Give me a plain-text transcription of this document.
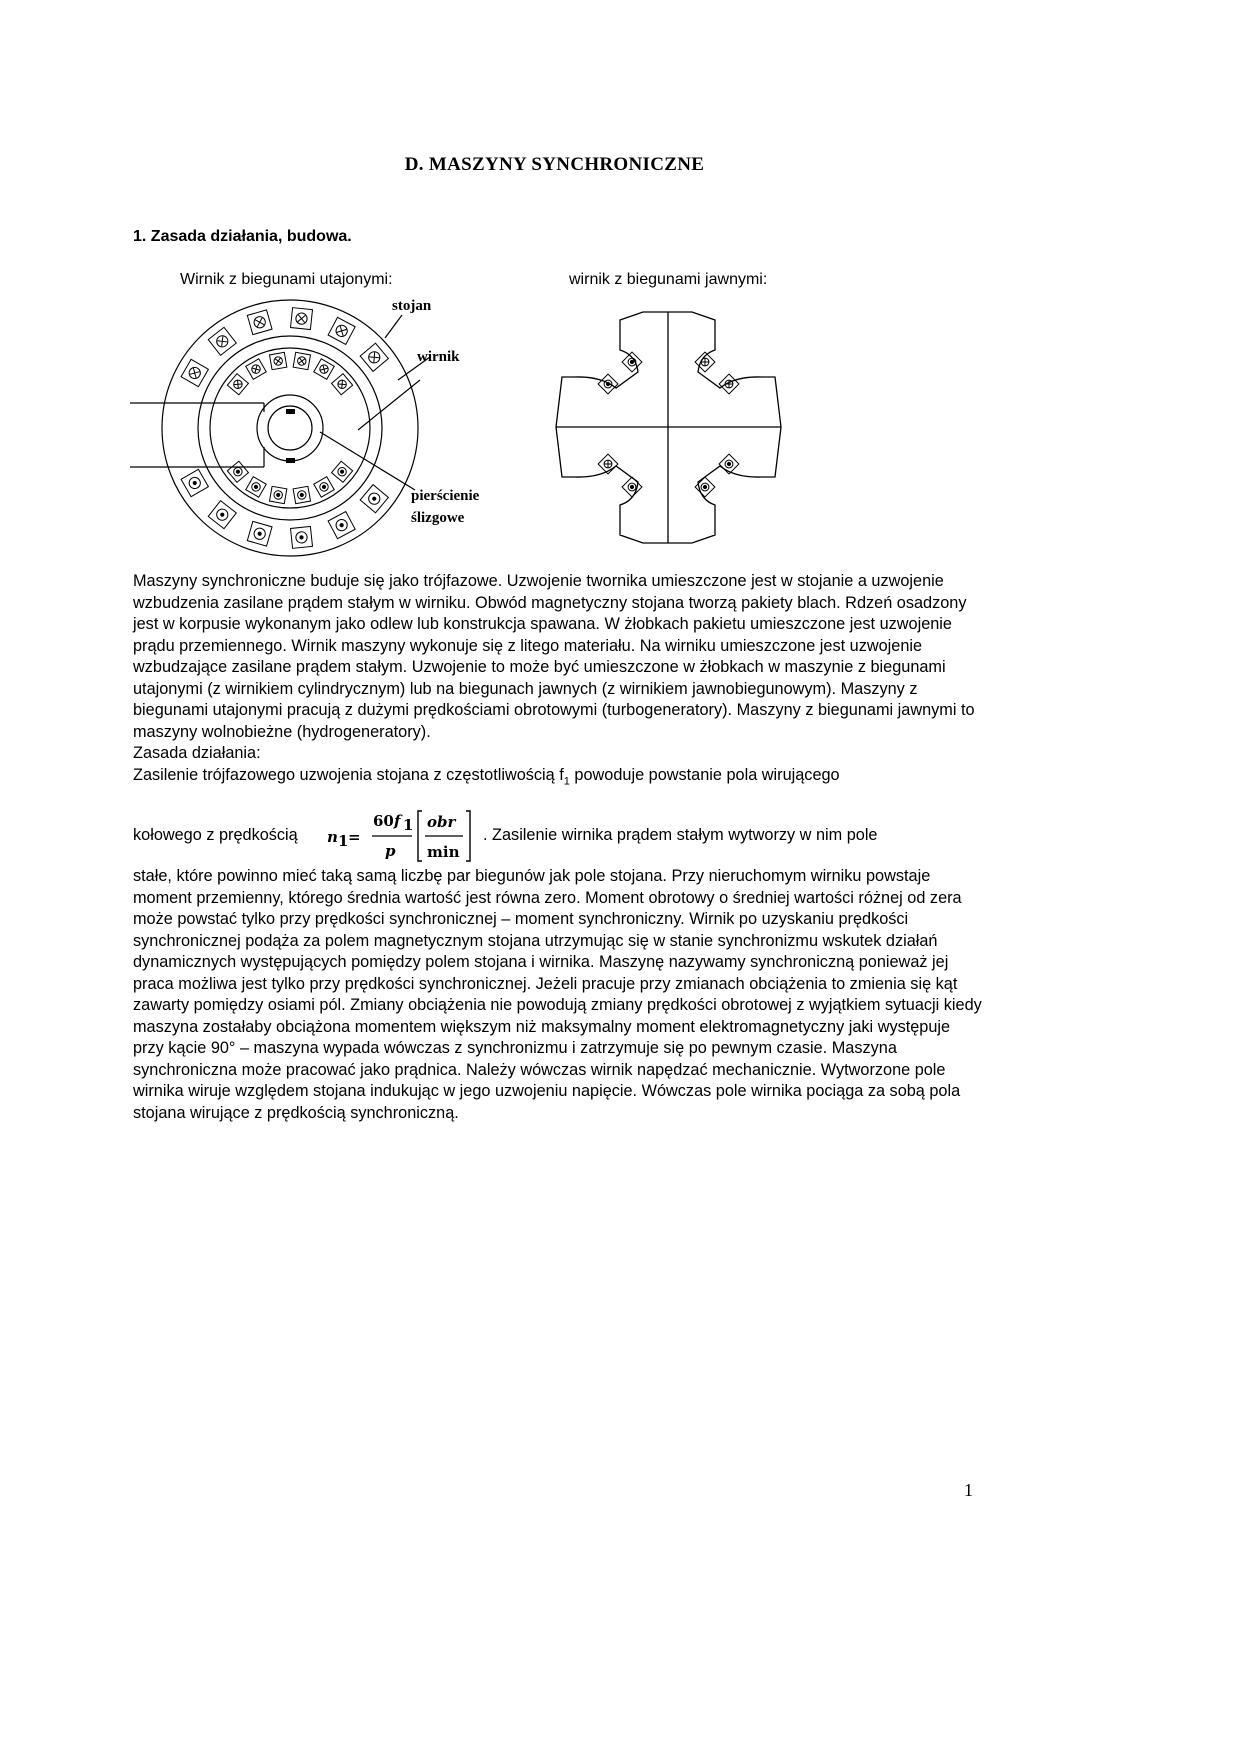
D. MASZYNY SYNCHRONICZNE
1. Zasada działania, budowa.
Wirnik z biegunami utajonymi:	wirnik z biegunami jawnymi:
stojan
wirnik
pierścienie
ślizgowe

Maszyny synchroniczne buduje się jako trójfazowe. Uzwojenie twornika umieszczone jest w stojanie a uzwojenie wzbudzenia zasilane prądem stałym w wirniku. Obwód magnetyczny stojana tworzą pakiety blach. Rdzeń osadzony jest w korpusie wykonanym jako odlew lub konstrukcja spawana. W żłobkach pakietu umieszczone jest uzwojenie prądu przemiennego. Wirnik maszyny wykonuje się z litego materiału. Na wirniku umieszczone jest uzwojenie wzbudzające zasilane prądem stałym. Uzwojenie to może być umieszczone w żłobkach w maszynie z biegunami utajonymi (z wirnikiem cylindrycznym) lub na biegunach jawnych (z wirnikiem jawnobiegunowym). Maszyny z biegunami utajonymi pracują z dużymi prędkościami obrotowymi (turbogeneratory). Maszyny z biegunami jawnymi to maszyny wolnobieżne (hydrogeneratory).

Zasada działania:

Zasilenie trójfazowego uzwojenia stojana z częstotliwością $f_1$ powoduje powstanie pola wirującego

kołowego z prędkością n 1 =
60 f 1
p
obr
min
. Zasilenie wirnika prądem stałym wytworzy w nim pole

stałe, które powinno mieć taką samą liczbę par biegunów jak pole stojana. Przy nieruchomym wirniku powstaje moment przemienny, którego średnia wartość jest równa zero. Moment obrotowy o średniej wartości różnej od zera może powstać tylko przy prędkości synchronicznej – moment synchroniczny. Wirnik po uzyskaniu prędkości synchronicznej podąża za polem magnetycznym stojana utrzymując się w stanie synchronizmu wskutek działań dynamicznych występujących pomiędzy polem stojana i wirnika. Maszynę nazywamy synchroniczną ponieważ jej praca możliwa jest tylko przy prędkości synchronicznej. Jeżeli pracuje przy zmianach obciążenia to zmienia się kąt zawarty pomiędzy osiami pól. Zmiany obciążenia nie powodują zmiany prędkości obrotowej z wyjątkiem sytuacji kiedy maszyna zostałaby obciążona momentem większym niż maksymalny moment elektromagnetyczny jaki występuje przy kącie 90° – maszyna wypada wówczas z synchronizmu i zatrzymuje się po pewnym czasie. Maszyna synchroniczna może pracować jako prądnica. Należy wówczas wirnik napędzać mechanicznie. Wytworzone pole wirnika wiruje względem stojana indukując w jego uzwojeniu napięcie. Wówczas pole wirnika pociąga za sobą pola stojana wirujące z prędkością synchroniczną.

1
